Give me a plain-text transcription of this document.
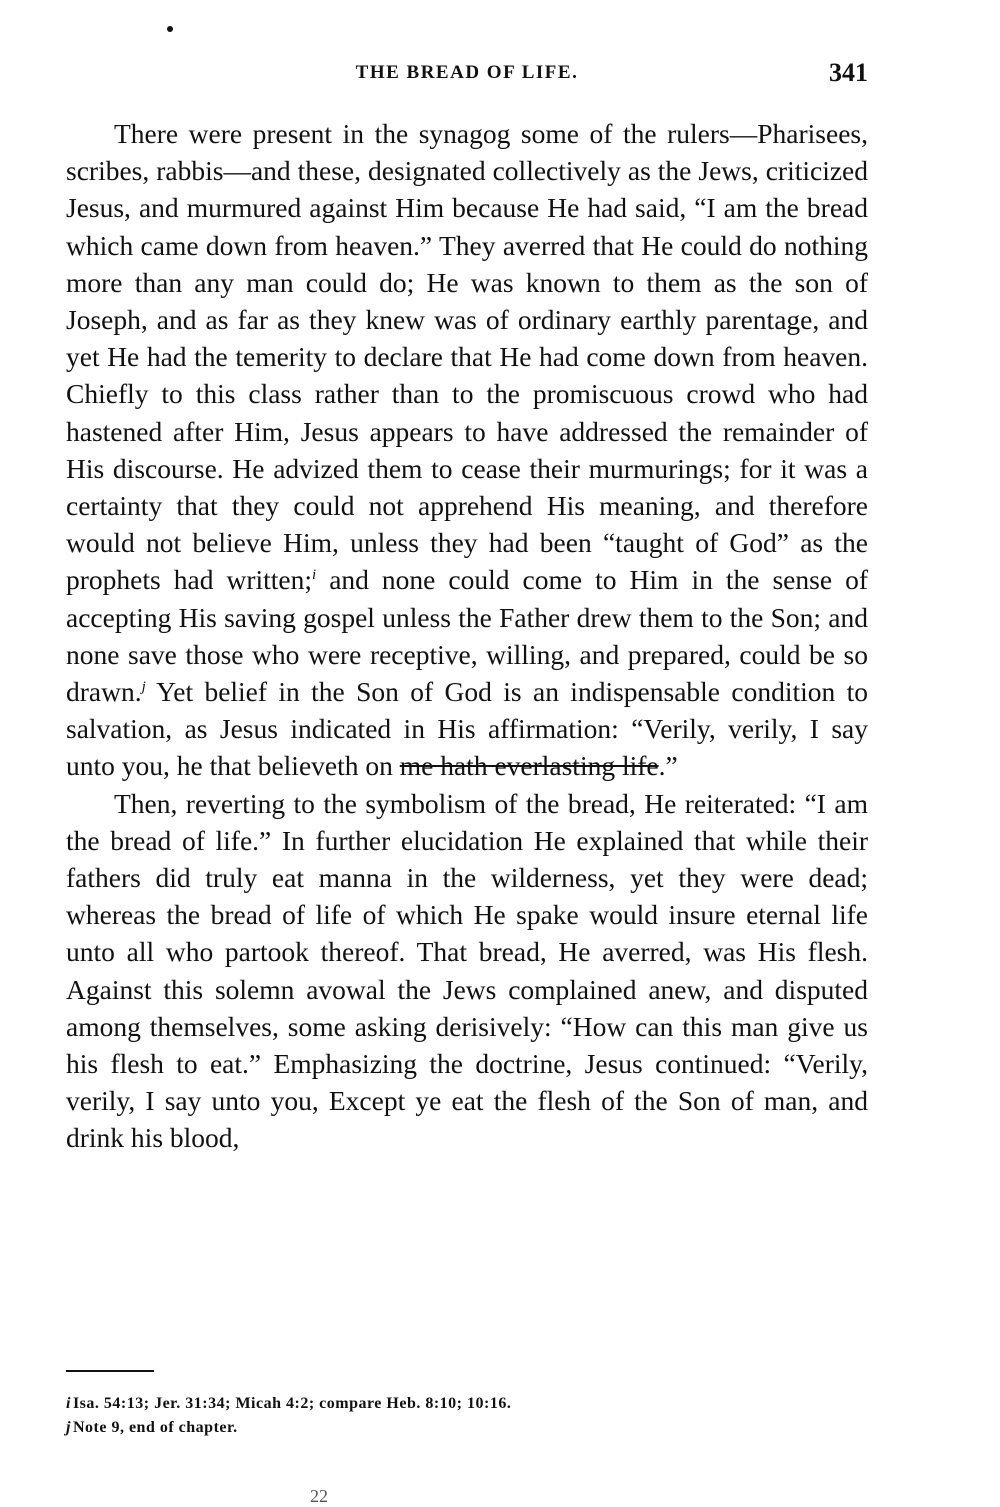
THE BREAD OF LIFE.	341

There were present in the synagog some of the rulers—Pharisees, scribes, rabbis—and these, designated collectively as the Jews, criticized Jesus, and murmured against Him because He had said, “I am the bread which came down from heaven.” They averred that He could do nothing more than any man could do; He was known to them as the son of Joseph, and as far as they knew was of ordinary earthly parentage, and yet He had the temerity to declare that He had come down from heaven. Chiefly to this class rather than to the promiscuous crowd who had hastened after Him, Jesus appears to have addressed the remainder of His discourse. He advized them to cease their murmurings; for it was a certainty that they could not apprehend His meaning, and therefore would not believe Him, unless they had been “taught of God” as the prophets had written;$^i$ and none could come to Him in the sense of accepting His saving gospel unless the Father drew them to the Son; and none save those who were receptive, willing, and prepared, could be so drawn.$^j$ Yet belief in the Son of God is an indispensable condition to salvation, as Jesus indicated in His affirmation: “Verily, verily, I say unto you, he that believeth on me hath everlasting life.”

Then, reverting to the symbolism of the bread, He reiterated: “I am the bread of life.” In further elucidation He explained that while their fathers did truly eat manna in the wilderness, yet they were dead; whereas the bread of life of which He spake would insure eternal life unto all who partook thereof. That bread, He averred, was His flesh. Against this solemn avowal the Jews complained anew, and disputed among themselves, some asking derisively: “How can this man give us his flesh to eat.” Emphasizing the doctrine, Jesus continued: “Verily, verily, I say unto you, Except ye eat the flesh of the Son of man, and drink his blood,

i Isa. 54:13; Jer. 31:34; Micah 4:2; compare Heb. 8:10; 10:16.
j Note 9, end of chapter.
22
